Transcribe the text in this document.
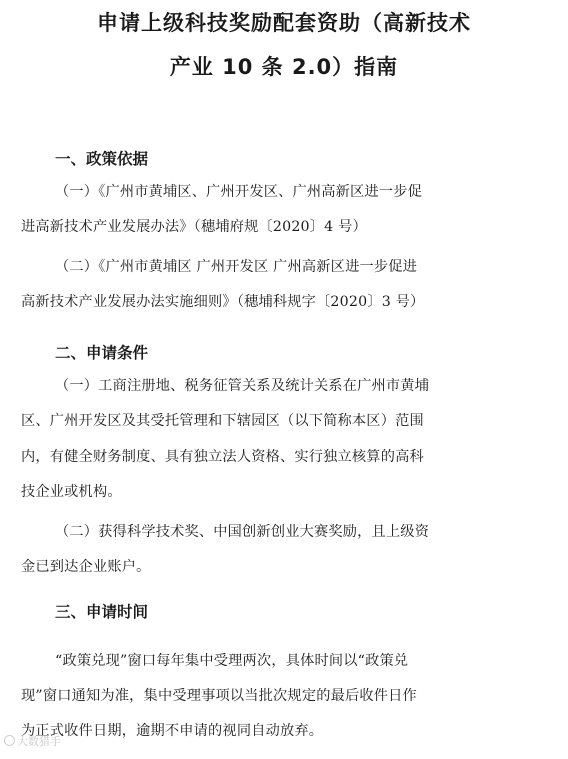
申请上级科技奖励配套资助（高新技术
产业 10 条 2.0）指南
一、政策依据
（一）《广州市黄埔区、广州开发区、广州高新区进一步促
进高新技术产业发展办法》（穗埔府规〔2020〕4 号）
（二）《广州市黄埔区 广州开发区 广州高新区进一步促进
高新技术产业发展办法实施细则》（穗埔科规字〔2020〕3 号）
二、申请条件
（一）工商注册地、税务征管关系及统计关系在广州市黄埔
区、广州开发区及其受托管理和下辖园区（以下简称本区）范围
内，有健全财务制度、具有独立法人资格、实行独立核算的高科
技企业或机构。
（二）获得科学技术奖、中国创新创业大赛奖励，且上级资
金已到达企业账户。
三、申请时间
“政策兑现”窗口每年集中受理两次，具体时间以“政策兑
现”窗口通知为准，集中受理事项以当批次规定的最后收件日作
为正式收件日期，逾期不申请的视同自动放弃。
大数猎手
